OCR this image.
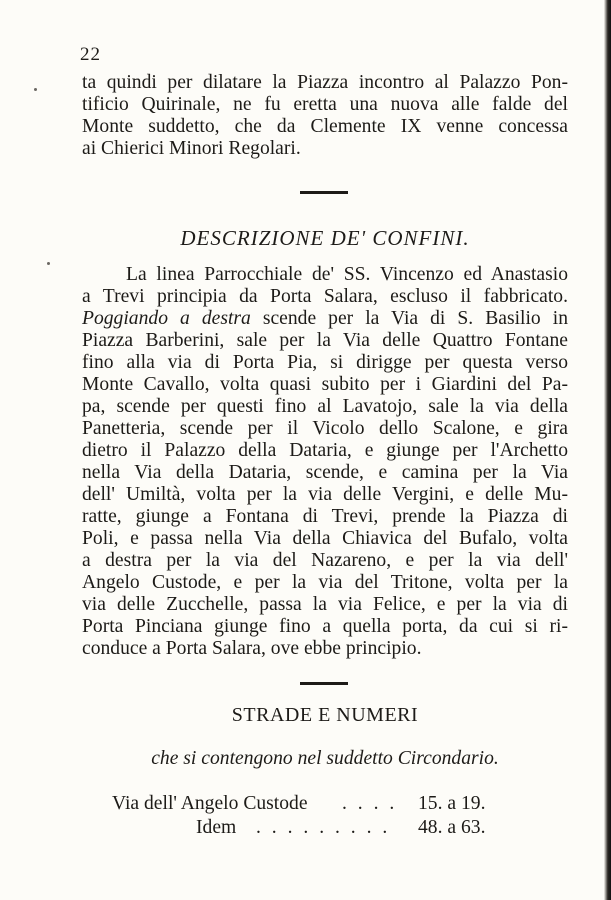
22
ta quindi per dilatare la Piazza incontro al Palazzo Pon-
tificio Quirinale, ne fu eretta una nuova alle falde del
Monte suddetto, che da Clemente IX venne concessa
ai Chierici Minori Regolari.
DESCRIZIONE DE' CONFINI.
La linea Parrocchiale de' SS. Vincenzo ed Anastasio
a Trevi principia da Porta Salara, escluso il fabbricato.
Poggiando a destra scende per la Via di S. Basilio in
Piazza Barberini, sale per la Via delle Quattro Fontane
fino alla via di Porta Pia, si dirigge per questa verso
Monte Cavallo, volta quasi subito per i Giardini del Pa-
pa, scende per questi fino al Lavatojo, sale la via della
Panetteria, scende per il Vicolo dello Scalone, e gira
dietro il Palazzo della Dataria, e giunge per l'Archetto
nella Via della Dataria, scende, e camina per la Via
dell' Umiltà, volta per la via delle Vergini, e delle Mu-
ratte, giunge a Fontana di Trevi, prende la Piazza di
Poli, e passa nella Via della Chiavica del Bufalo, volta
a destra per la via del Nazareno, e per la via dell'
Angelo Custode, e per la via del Tritone, volta per la
via delle Zucchelle, passa la via Felice, e per la via di
Porta Pinciana giunge fino a quella porta, da cui si ri-
conduce a Porta Salara, ove ebbe principio.
STRADE E NUMERI
che si contengono nel suddetto Circondario.
Via dell' Angelo Custode . . . . 15. a 19.
Idem . . . . . . . . . 48. a 63.
